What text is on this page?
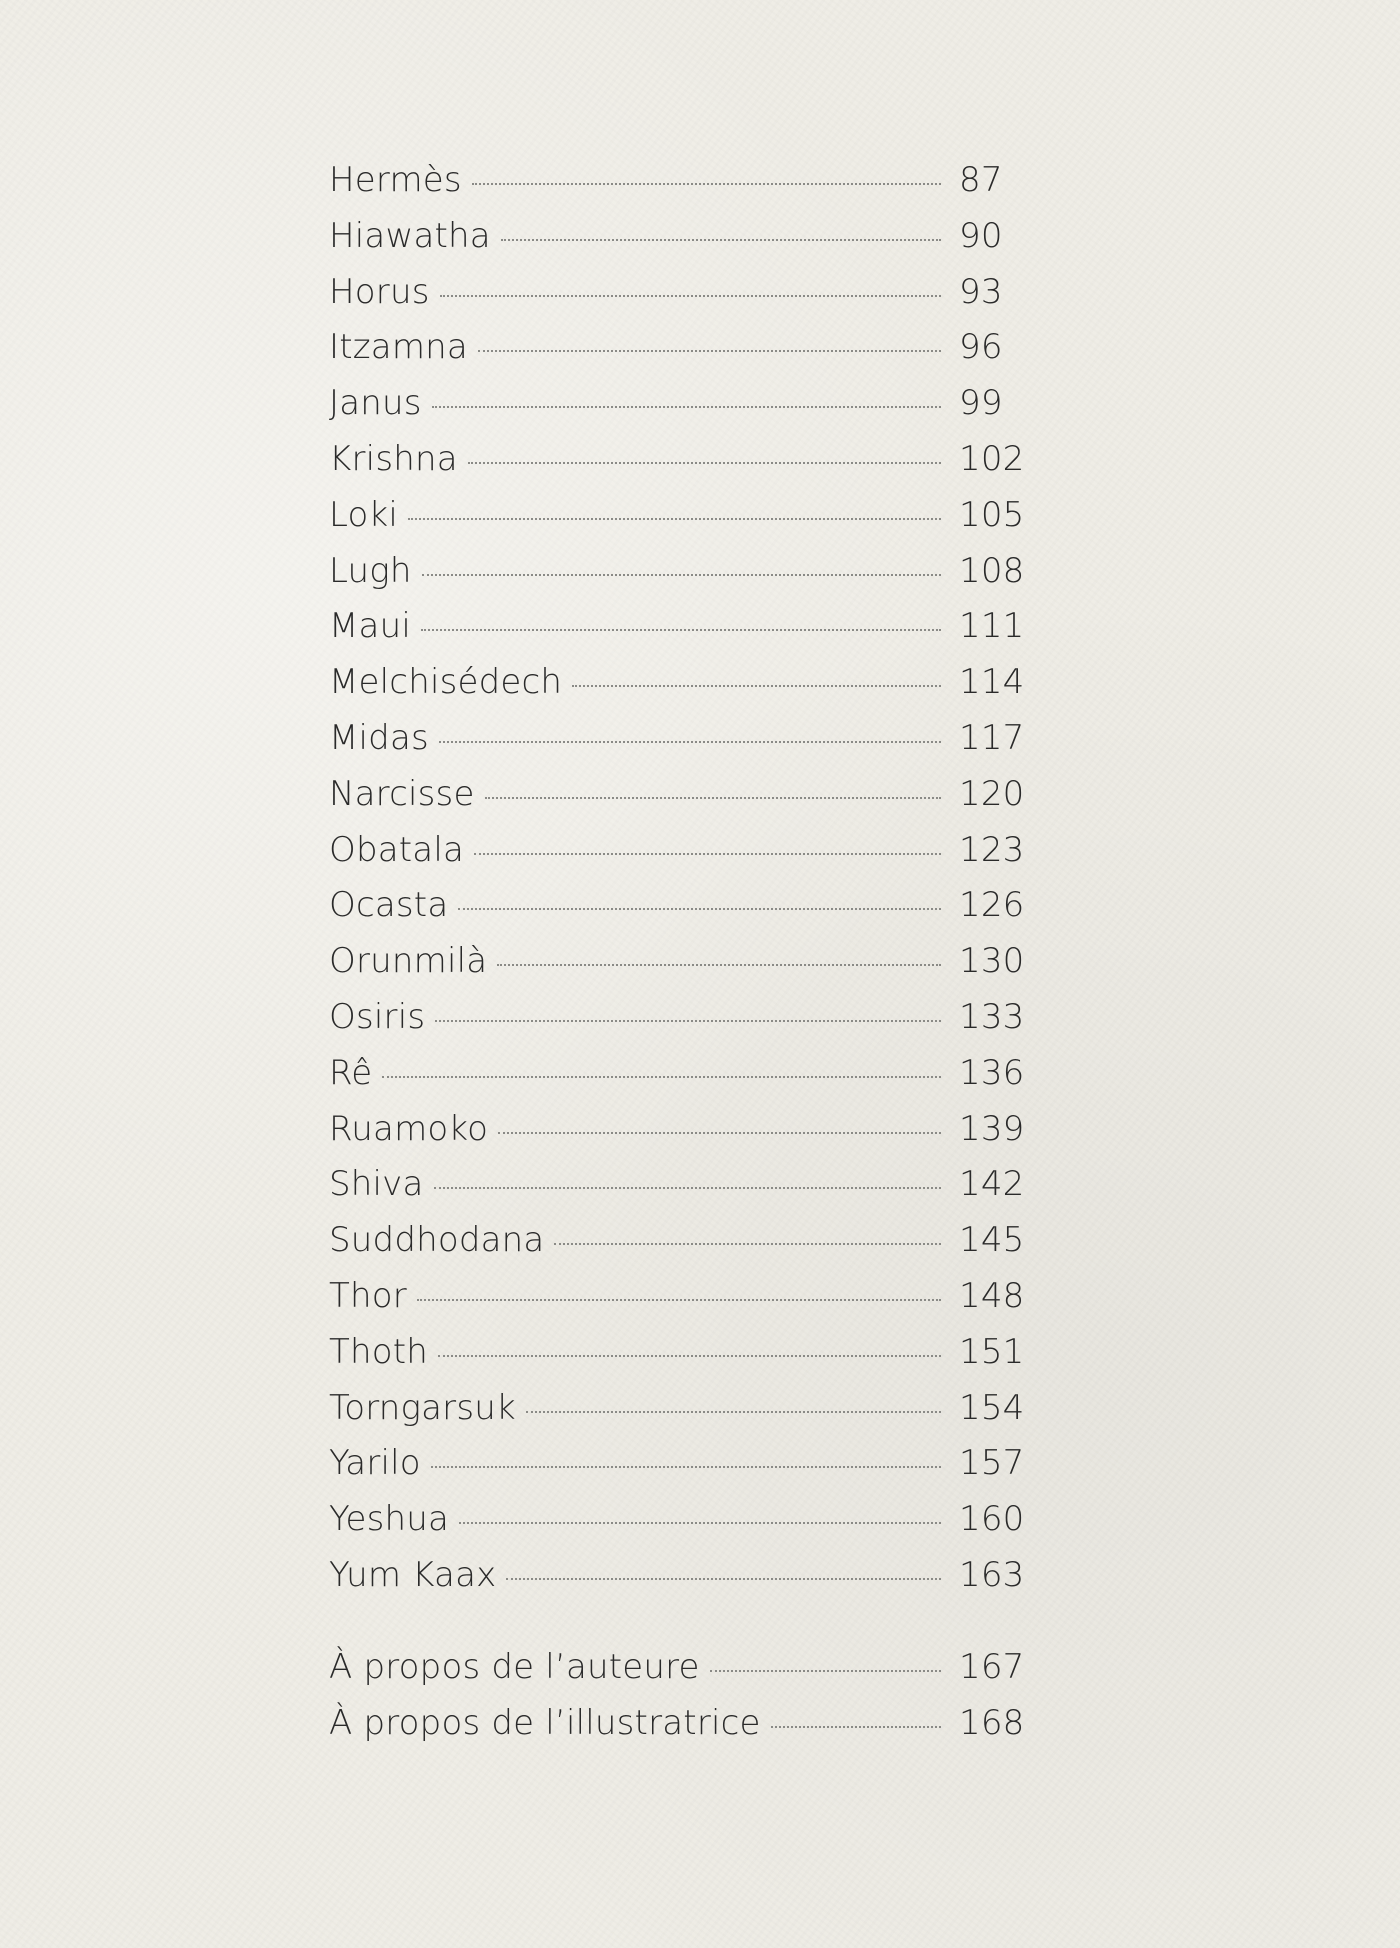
Hermès	87
Hiawatha	90
Horus	93
Itzamna	96
Janus	99
Krishna	102
Loki	105
Lugh	108
Maui	111
Melchisédech	114
Midas	117
Narcisse	120
Obatala	123
Ocasta	126
Orunmilà	130
Osiris	133
Rê	136
Ruamoko	139
Shiva	142
Suddhodana	145
Thor	148
Thoth	151
Torngarsuk	154
Yarilo	157
Yeshua	160
Yum Kaax	163
À propos de l’auteure	167
À propos de l’illustratrice	168
